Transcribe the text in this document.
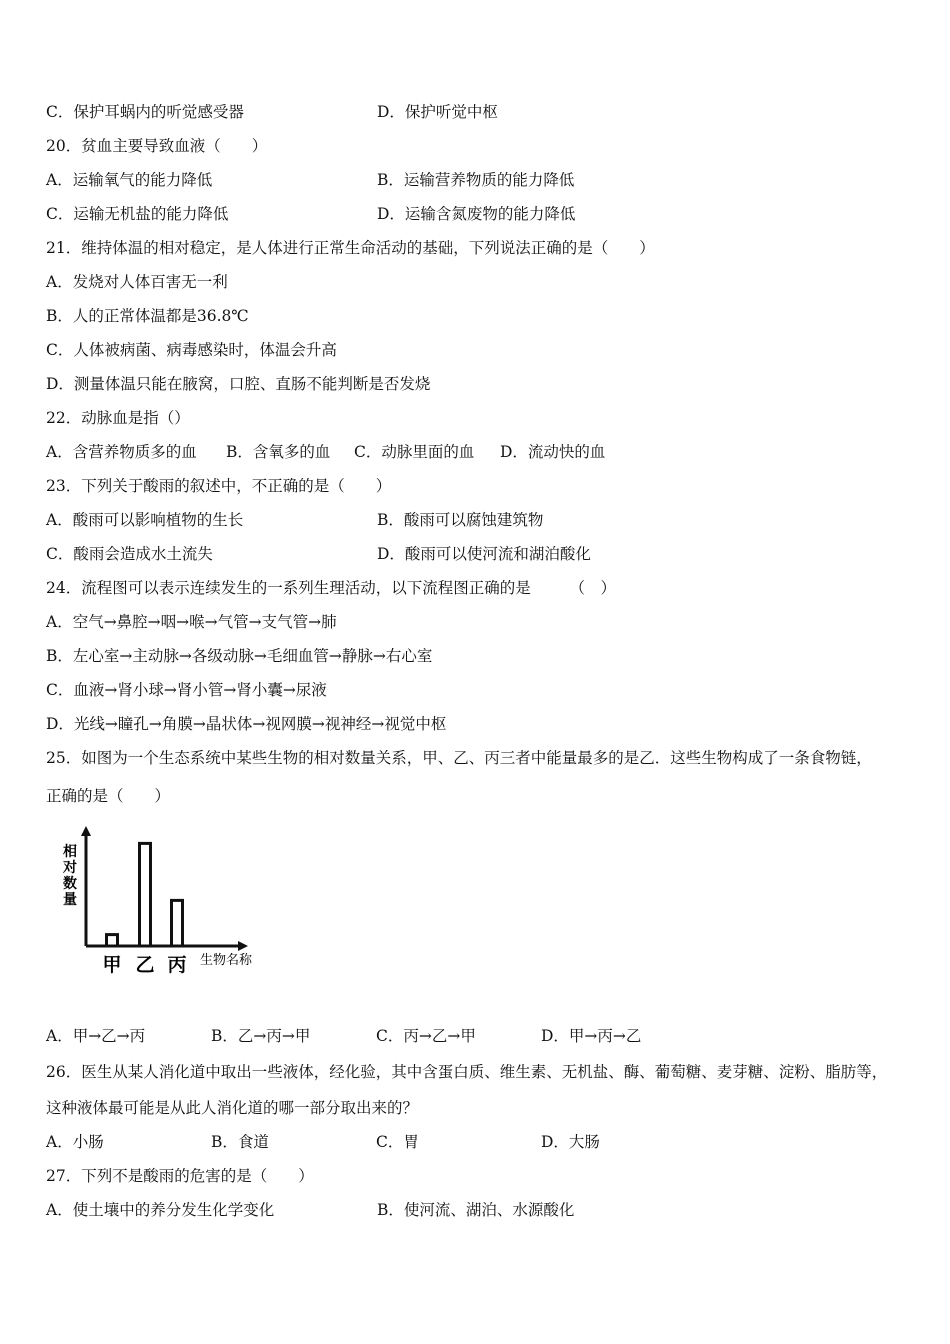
C．保护耳蜗内的听觉感受器	D．保护听觉中枢
20．贫血主要导致血液（　　）
A．运输氧气的能力降低	B．运输营养物质的能力降低
C．运输无机盐的能力降低	D．运输含氮废物的能力降低
21．维持体温的相对稳定，是人体进行正常生命活动的基础，下列说法正确的是（　　）
A．发烧对人体百害无一利
B．人的正常体温都是36.8℃
C．人体被病菌、病毒感染时，体温会升高
D．测量体温只能在腋窝，口腔、直肠不能判断是否发烧
22．动脉血是指（）
A．含营养物质多的血 B．含氧多的血 C．动脉里面的血 D．流动快的血
23．下列关于酸雨的叙述中，不正确的是（　　）
A．酸雨可以影响植物的生长	B．酸雨可以腐蚀建筑物
C．酸雨会造成水土流失	D．酸雨可以使河流和湖泊酸化
24．流程图可以表示连续发生的一系列生理活动，以下流程图正确的是　　　（　）
A．空气→鼻腔→咽→喉→气管→支气管→肺
B．左心室→主动脉→各级动脉→毛细血管→静脉→右心室
C．血液→肾小球→肾小管→肾小囊→尿液
D．光线→瞳孔→角膜→晶状体→视网膜→视神经→视觉中枢
25．如图为一个生态系统中某些生物的相对数量关系，甲、乙、丙三者中能量最多的是乙．这些生物构成了一条食物链，
正确的是（　　）
相对数量
生物名称
甲 乙 丙
A．甲→乙→丙	B．乙→丙→甲	C．丙→乙→甲	D．甲→丙→乙
26．医生从某人消化道中取出一些液体，经化验，其中含蛋白质、维生素、无机盐、酶、葡萄糖、麦芽糖、淀粉、脂肪等，
这种液体最可能是从此人消化道的哪一部分取出来的？
A．小肠	B．食道	C．胃	D．大肠
27．下列不是酸雨的危害的是（　　）
A．使土壤中的养分发生化学变化	B．使河流、湖泊、水源酸化
